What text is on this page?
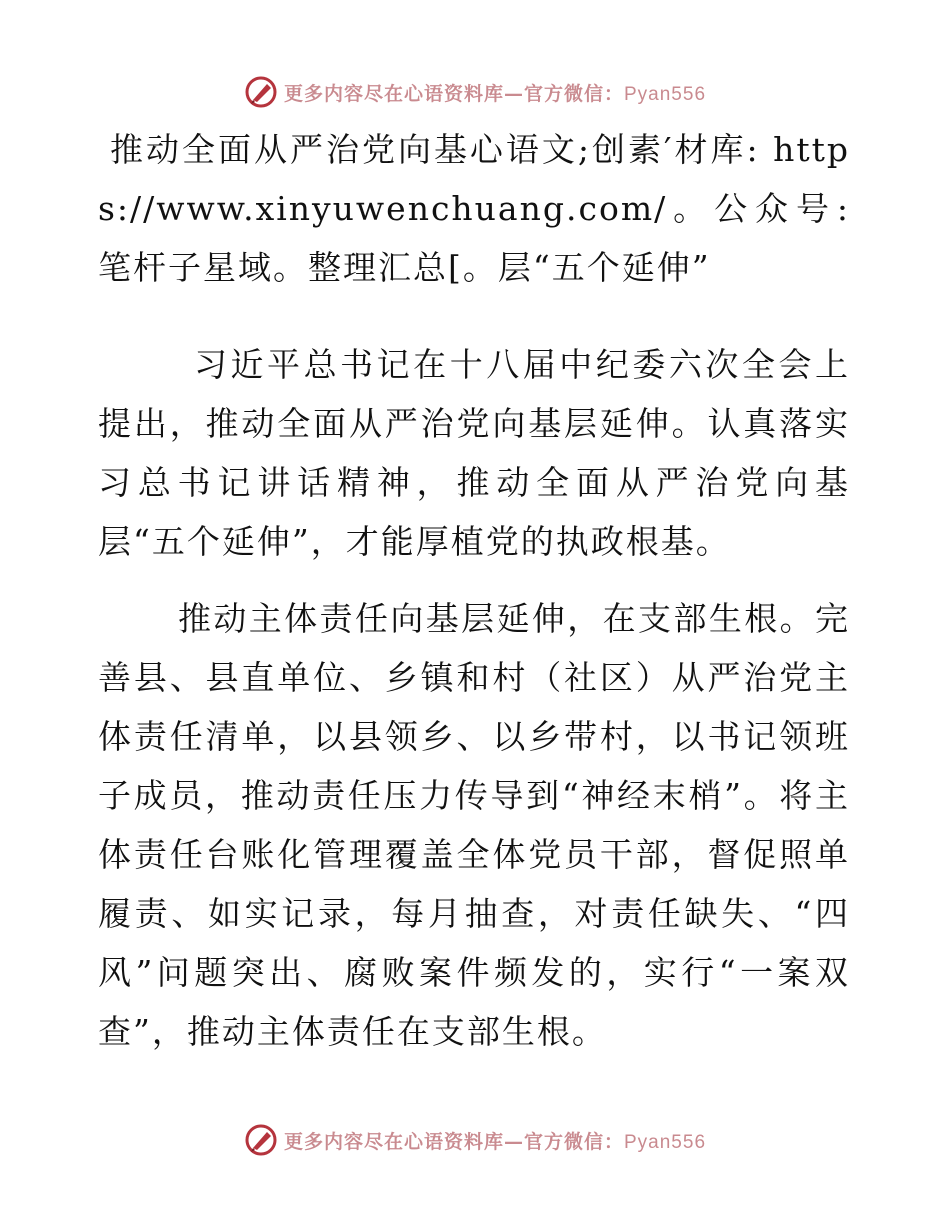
更多内容尽在心语资料库—官方微信：Pyan556

推动全面从严治党向基心语文;创素′材库: https://www.xinyuwenchuang.com/。公众号: 笔杆子星域。整理汇总[。层“五个延伸”

习近平总书记在十八届中纪委六次全会上提出，推动全面从严治党向基层延伸。认真落实习总书记讲话精神，推动全面从严治党向基层“五个延伸”，才能厚植党的执政根基。

推动主体责任向基层延伸，在支部生根。完善县、县直单位、乡镇和村（社区）从严治党主体责任清单，以县领乡、以乡带村，以书记领班子成员，推动责任压力传导到“神经末梢”。将主体责任台账化管理覆盖全体党员干部，督促照单履责、如实记录，每月抽查，对责任缺失、“四风”问题突出、腐败案件频发的，实行“一案双查”，推动主体责任在支部生根。

更多内容尽在心语资料库—官方微信：Pyan556
